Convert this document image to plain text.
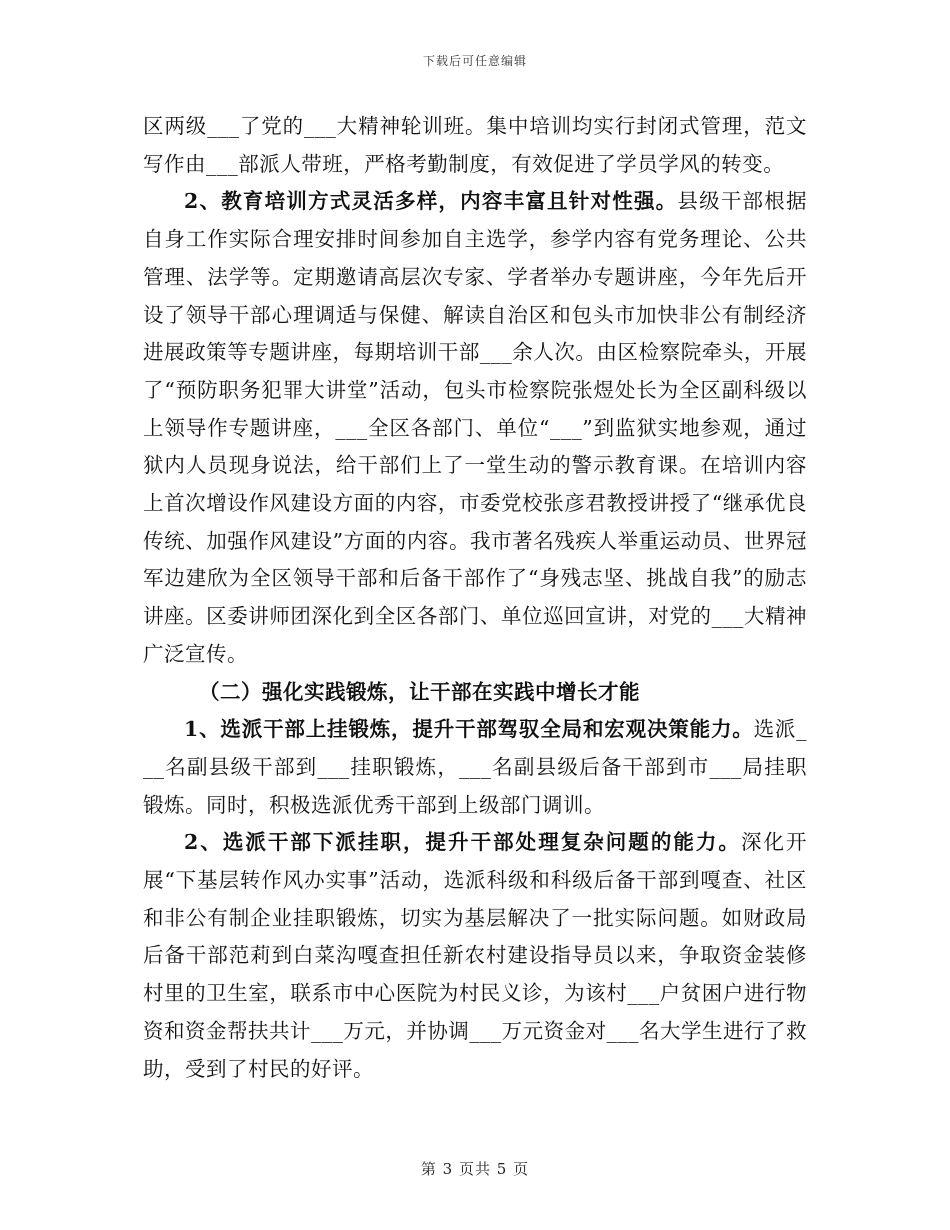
下载后可任意编辑

区两级___了党的___大精神轮训班。集中培训均实行封闭式管理，范文写作由___部派人带班，严格考勤制度，有效促进了学员学风的转变。

2、教育培训方式灵活多样，内容丰富且针对性强。县级干部根据自身工作实际合理安排时间参加自主选学，参学内容有党务理论、公共管理、法学等。定期邀请高层次专家、学者举办专题讲座，今年先后开设了领导干部心理调适与保健、解读自治区和包头市加快非公有制经济进展政策等专题讲座，每期培训干部___余人次。由区检察院牵头，开展了“预防职务犯罪大讲堂”活动，包头市检察院张煜处长为全区副科级以上领导作专题讲座，___全区各部门、单位“___”到监狱实地参观，通过狱内人员现身说法，给干部们上了一堂生动的警示教育课。在培训内容上首次增设作风建设方面的内容，市委党校张彦君教授讲授了“继承优良传统、加强作风建设”方面的内容。我市著名残疾人举重运动员、世界冠军边建欣为全区领导干部和后备干部作了“身残志坚、挑战自我”的励志讲座。区委讲师团深化到全区各部门、单位巡回宣讲，对党的___大精神广泛宣传。

（二）强化实践锻炼，让干部在实践中增长才能

1、选派干部上挂锻炼，提升干部驾驭全局和宏观决策能力。选派___名副县级干部到___挂职锻炼，___名副县级后备干部到市___局挂职锻炼。同时，积极选派优秀干部到上级部门调训。

2、选派干部下派挂职，提升干部处理复杂问题的能力。深化开展“下基层转作风办实事”活动，选派科级和科级后备干部到嘎查、社区和非公有制企业挂职锻炼，切实为基层解决了一批实际问题。如财政局后备干部范莉到白菜沟嘎查担任新农村建设指导员以来，争取资金装修村里的卫生室，联系市中心医院为村民义诊，为该村___户贫困户进行物资和资金帮扶共计___万元，并协调___万元资金对___名大学生进行了救助，受到了村民的好评。

第 3 页共 5 页
